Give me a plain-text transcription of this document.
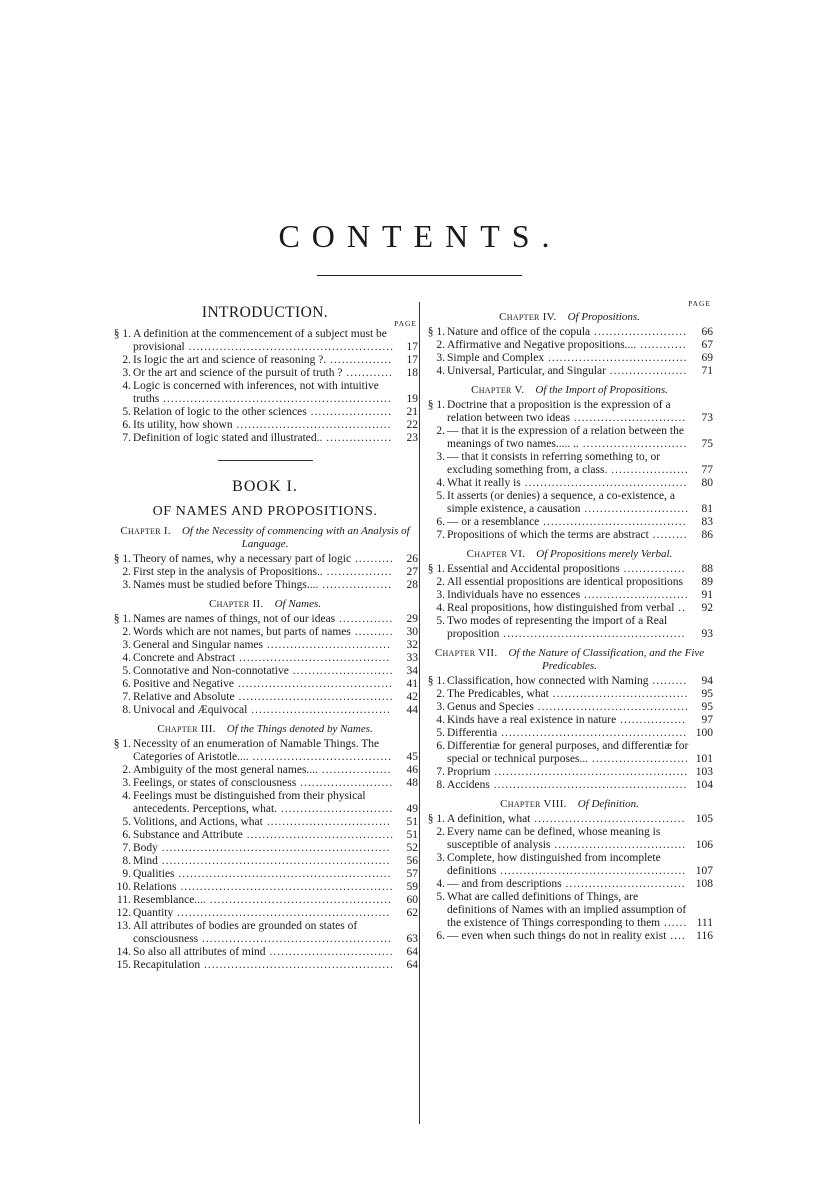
CONTENTS.
INTRODUCTION.
PAGE
§ 1. A definition at the commencement of a subject must be provisional .....................................................	17
2. Is logic the art and science of reasoning ?. ................	17
3. Or the art and science of the pursuit of truth ? ............	18
4. Logic is concerned with inferences, not with intuitive truths ...........................................................	19
5. Relation of logic to the other sciences .....................	21
6. Its utility, how shown ........................................	22
7. Definition of logic stated and illustrated.. .................	23
BOOK I.
OF NAMES AND PROPOSITIONS.
Chapter I.  Of the Necessity of commencing with an Analysis of Language.
§ 1. Theory of names, why a necessary part of logic ..........	26
2. First step in the analysis of Propositions.. .................	27
3. Names must be studied before Things.... ..................	28
Chapter II.  Of Names.
§ 1. Names are names of things, not of our ideas ..............	29
2. Words which are not names, but parts of names ..........	30
3. General and Singular names ................................	32
4. Concrete and Abstract .......................................	33
5. Connotative and Non-connotative ..........................	34
6. Positive and Negative ........................................	41
7. Relative and Absolute ........................................	42
8. Univocal and Æquivocal ....................................	44
Chapter III.  Of the Things denoted by Names.
§ 1. Necessity of an enumeration of Namable Things. The Categories of Aristotle.... ....................................	45
2. Ambiguity of the most general names.... ..................	46
3. Feelings, or states of consciousness ........................	48
4. Feelings must be distinguished from their physical antecedents. Perceptions, what. .............................	49
5. Volitions, and Actions, what ................................	51
6. Substance and Attribute ......................................	51
7. Body ...........................................................	52
8. Mind ...........................................................	56
9. Qualities .......................................................	57
10. Relations .......................................................	59
11. Resemblance.... ...............................................	60
12. Quantity .......................................................	62
13. All attributes of bodies are grounded on states of consciousness .................................................	63
14. So also all attributes of mind ................................	64
15. Recapitulation .................................................	64
PAGE
Chapter IV.  Of Propositions.
§ 1. Nature and office of the copula ........................	66
2. Affirmative and Negative propositions.... ............	67
3. Simple and Complex ....................................	69
4. Universal, Particular, and Singular ....................	71
Chapter V.  Of the Import of Propositions.
§ 1. Doctrine that a proposition is the expression of a relation between two ideas .............................	73
2. — that it is the expression of a relation between the meanings of two names..... .. ...........................	75
3. — that it consists in referring something to, or excluding something from, a class. ....................	77
4. What it really is ..........................................	80
5. It asserts (or denies) a sequence, a co-existence, a simple existence, a causation ...........................	81
6. — or a resemblance .....................................	83
7. Propositions of which the terms are abstract .........	86
Chapter VI.  Of Propositions merely Verbal.
§ 1. Essential and Accidental propositions ................	88
2. All essential propositions are identical propositions	89
3. Individuals have no essences ...........................	91
4. Real propositions, how distinguished from verbal ..	92
5. Two modes of representing the import of a Real proposition ...............................................	93
Chapter VII.  Of the Nature of Classification, and the Five Predicables.
§ 1. Classification, how connected with Naming .........	94
2. The Predicables, what ...................................	95
3. Genus and Species .......................................	95
4. Kinds have a real existence in nature .................	97
5. Differentia ................................................ 100
6. Differentiæ for general purposes, and differentiæ for special or technical purposes... ......................... 101
7. Proprium .................................................. 103
8. Accidens .................................................. 104
Chapter VIII.  Of Definition.
§ 1. A definition, what ....................................... 105
2. Every name can be defined, whose meaning is susceptible of analysis .................................. 106
3. Complete, how distinguished from incomplete definitions ................................................ 107
4. — and from descriptions ............................... 108
5. What are called definitions of Things, are definitions of Names with an implied assumption of the existence of Things corresponding to them ...... 111
6. — even when such things do not in reality exist .... 116
